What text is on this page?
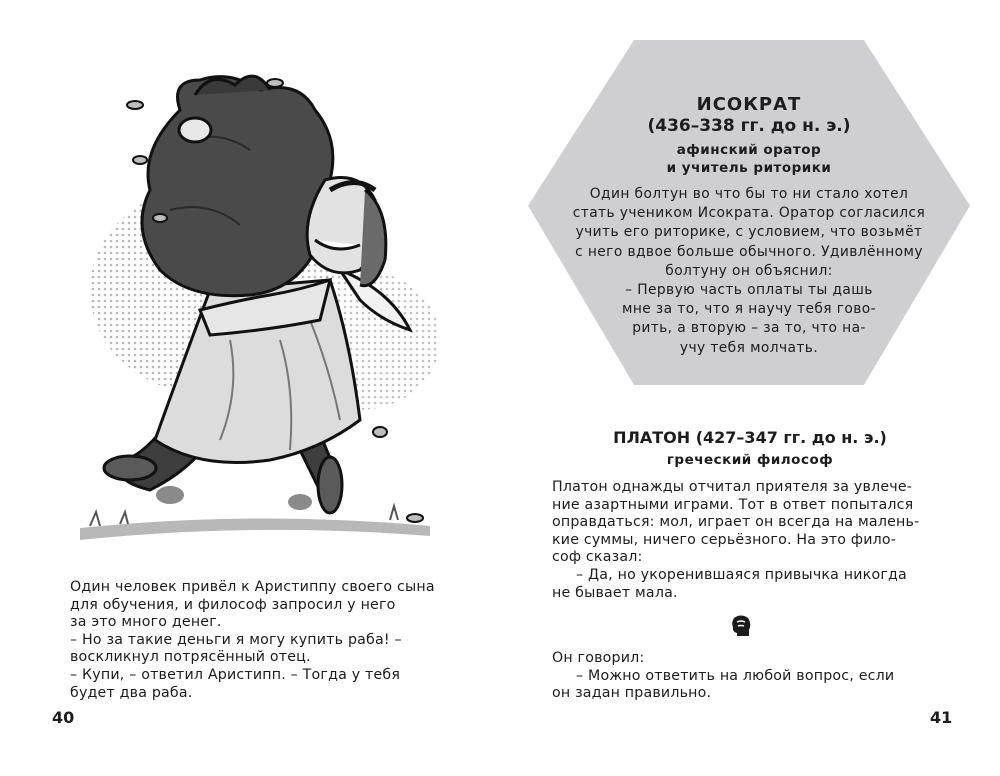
Один человек привёл к Аристиппу своего сына

для обучения, и философ запросил у него

за это много денег.

– Но за такие деньги я могу купить раба! –

воскликнул потрясённый отец.

– Купи, – ответил Аристипп. – Тогда у тебя

будет два раба.

40
ИСОКРАТ
(436–338 гг. до н. э.)
афинский оратор
и учитель риторики

Один болтун во что бы то ни стало хотел

стать учеником Исократа. Оратор согласился

учить его риторике, с условием, что возьмёт

с него вдвое больше обычного. Удивлённому

болтуну он объяснил:

– Первую часть оплаты ты дашь

мне за то, что я научу тебя гово-

рить, а вторую – за то, что на-

учу тебя молчать.

ПЛАТОН (427–347 гг. до н. э.)
греческий философ

Платон однажды отчитал приятеля за увлече-

ние азартными играми. Тот в ответ попытался

оправдаться: мол, играет он всегда на малень-

кие суммы, ничего серьёзного. На это фило-

соф сказал:

– Да, но укоренившаяся привычка никогда

не бывает мала.

Он говорил:

– Можно ответить на любой вопрос, если

он задан правильно.

41
